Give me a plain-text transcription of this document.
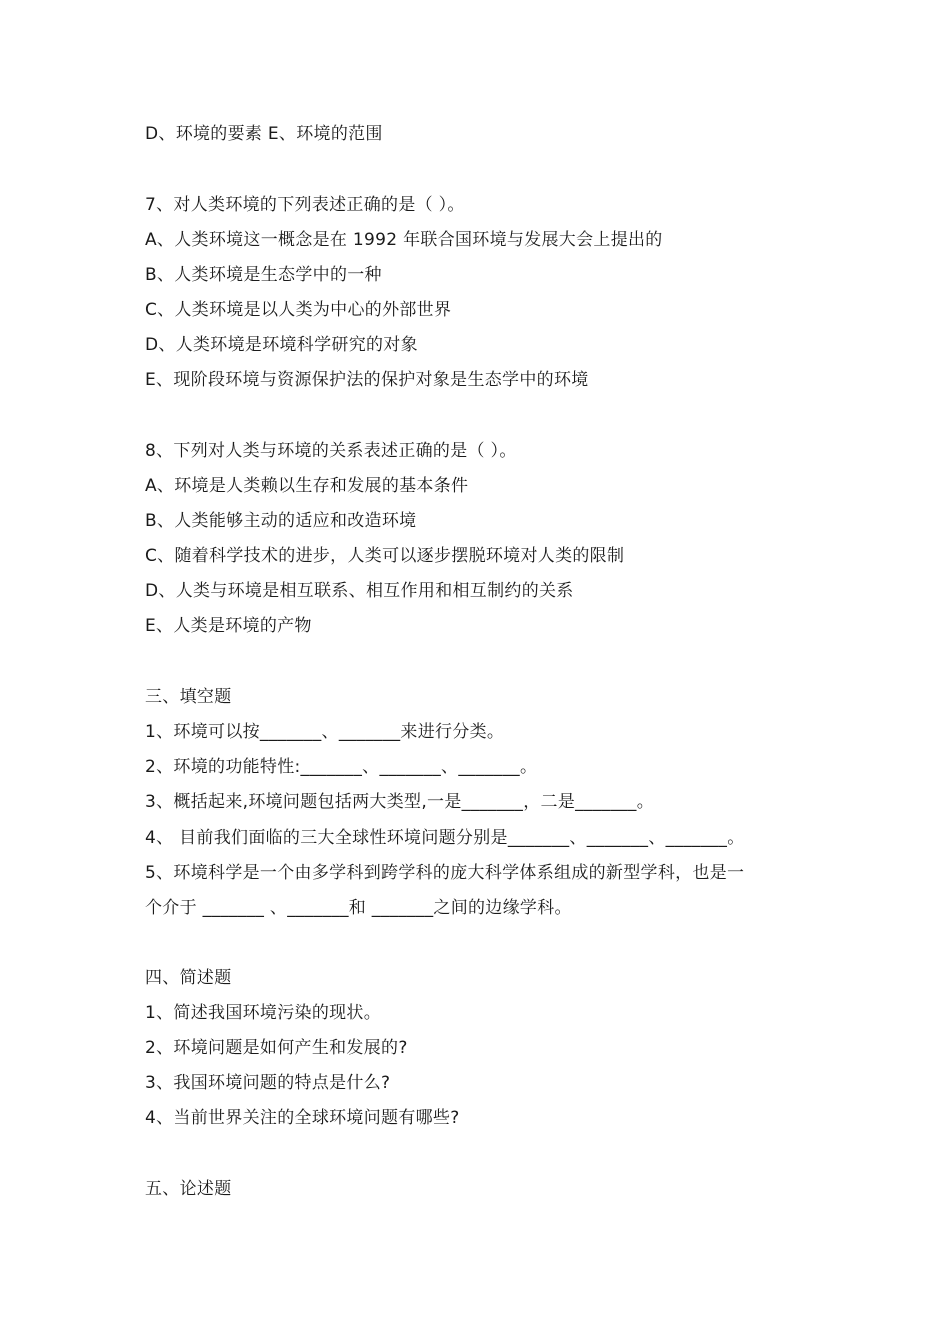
D、环境的要素 E、环境的范围
7、对人类环境的下列表述正确的是（ ）。
A、人类环境这一概念是在 1992 年联合国环境与发展大会上提出的
B、人类环境是生态学中的一种
C、人类环境是以人类为中心的外部世界
D、人类环境是环境科学研究的对象
E、现阶段环境与资源保护法的保护对象是生态学中的环境
8、下列对人类与环境的关系表述正确的是（ ）。
A、环境是人类赖以生存和发展的基本条件
B、人类能够主动的适应和改造环境
C、随着科学技术的进步，人类可以逐步摆脱环境对人类的限制
D、人类与环境是相互联系、相互作用和相互制约的关系
E、人类是环境的产物
三、填空题
1、环境可以按_______、_______来进行分类。
2、环境的功能特性:_______、_______、_______。
3、概括起来,环境问题包括两大类型,一是_______，二是_______。
4、 目前我们面临的三大全球性环境问题分别是_______、_______、_______。
5、环境科学是一个由多学科到跨学科的庞大科学体系组成的新型学科，也是一
个介于 _______ 、_______和 _______之间的边缘学科。
四、简述题
1、简述我国环境污染的现状。
2、环境问题是如何产生和发展的?
3、我国环境问题的特点是什么?
4、当前世界关注的全球环境问题有哪些?
五、论述题
